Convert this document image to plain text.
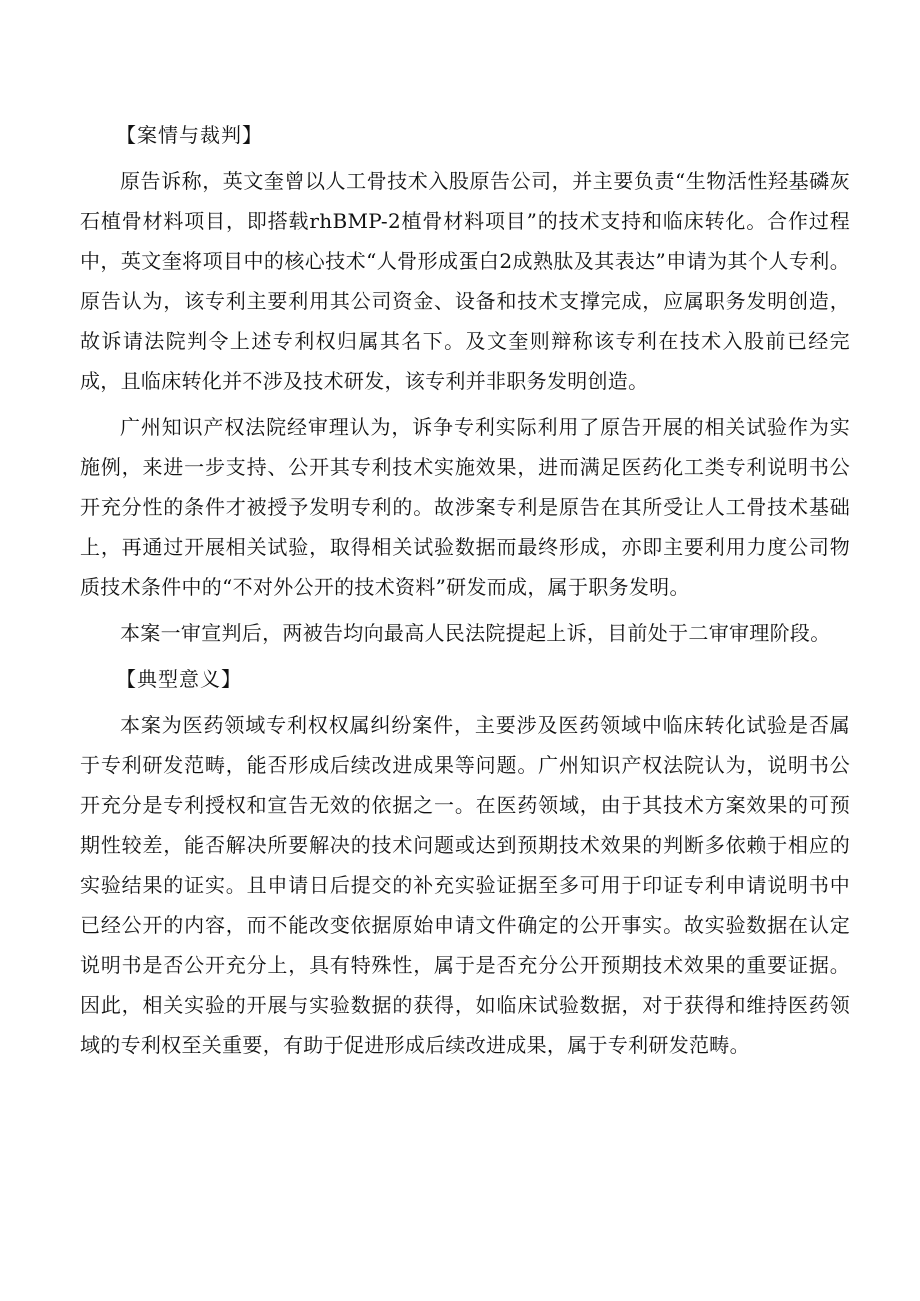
【案情与裁判】

原告诉称，英文奎曾以人工骨技术入股原告公司，并主要负责“生物活性羟基磷灰石植骨材料项目，即搭载rhBMP-2植骨材料项目”的技术支持和临床转化。合作过程中，英文奎将项目中的核心技术“人骨形成蛋白2成熟肽及其表达”申请为其个人专利。原告认为，该专利主要利用其公司资金、设备和技术支撑完成，应属职务发明创造，故诉请法院判令上述专利权归属其名下。及文奎则辩称该专利在技术入股前已经完成，且临床转化并不涉及技术研发，该专利并非职务发明创造。

广州知识产权法院经审理认为，诉争专利实际利用了原告开展的相关试验作为实施例，来进一步支持、公开其专利技术实施效果，进而满足医药化工类专利说明书公开充分性的条件才被授予发明专利的。故涉案专利是原告在其所受让人工骨技术基础上，再通过开展相关试验，取得相关试验数据而最终形成，亦即主要利用力度公司物质技术条件中的“不对外公开的技术资料”研发而成，属于职务发明。

本案一审宣判后，两被告均向最高人民法院提起上诉，目前处于二审审理阶段。

【典型意义】

本案为医药领域专利权权属纠纷案件，主要涉及医药领域中临床转化试验是否属于专利研发范畴，能否形成后续改进成果等问题。广州知识产权法院认为，说明书公开充分是专利授权和宣告无效的依据之一。在医药领域，由于其技术方案效果的可预期性较差，能否解决所要解决的技术问题或达到预期技术效果的判断多依赖于相应的实验结果的证实。且申请日后提交的补充实验证据至多可用于印证专利申请说明书中已经公开的内容，而不能改变依据原始申请文件确定的公开事实。故实验数据在认定说明书是否公开充分上，具有特殊性，属于是否充分公开预期技术效果的重要证据。因此，相关实验的开展与实验数据的获得，如临床试验数据，对于获得和维持医药领域的专利权至关重要，有助于促进形成后续改进成果，属于专利研发范畴。
